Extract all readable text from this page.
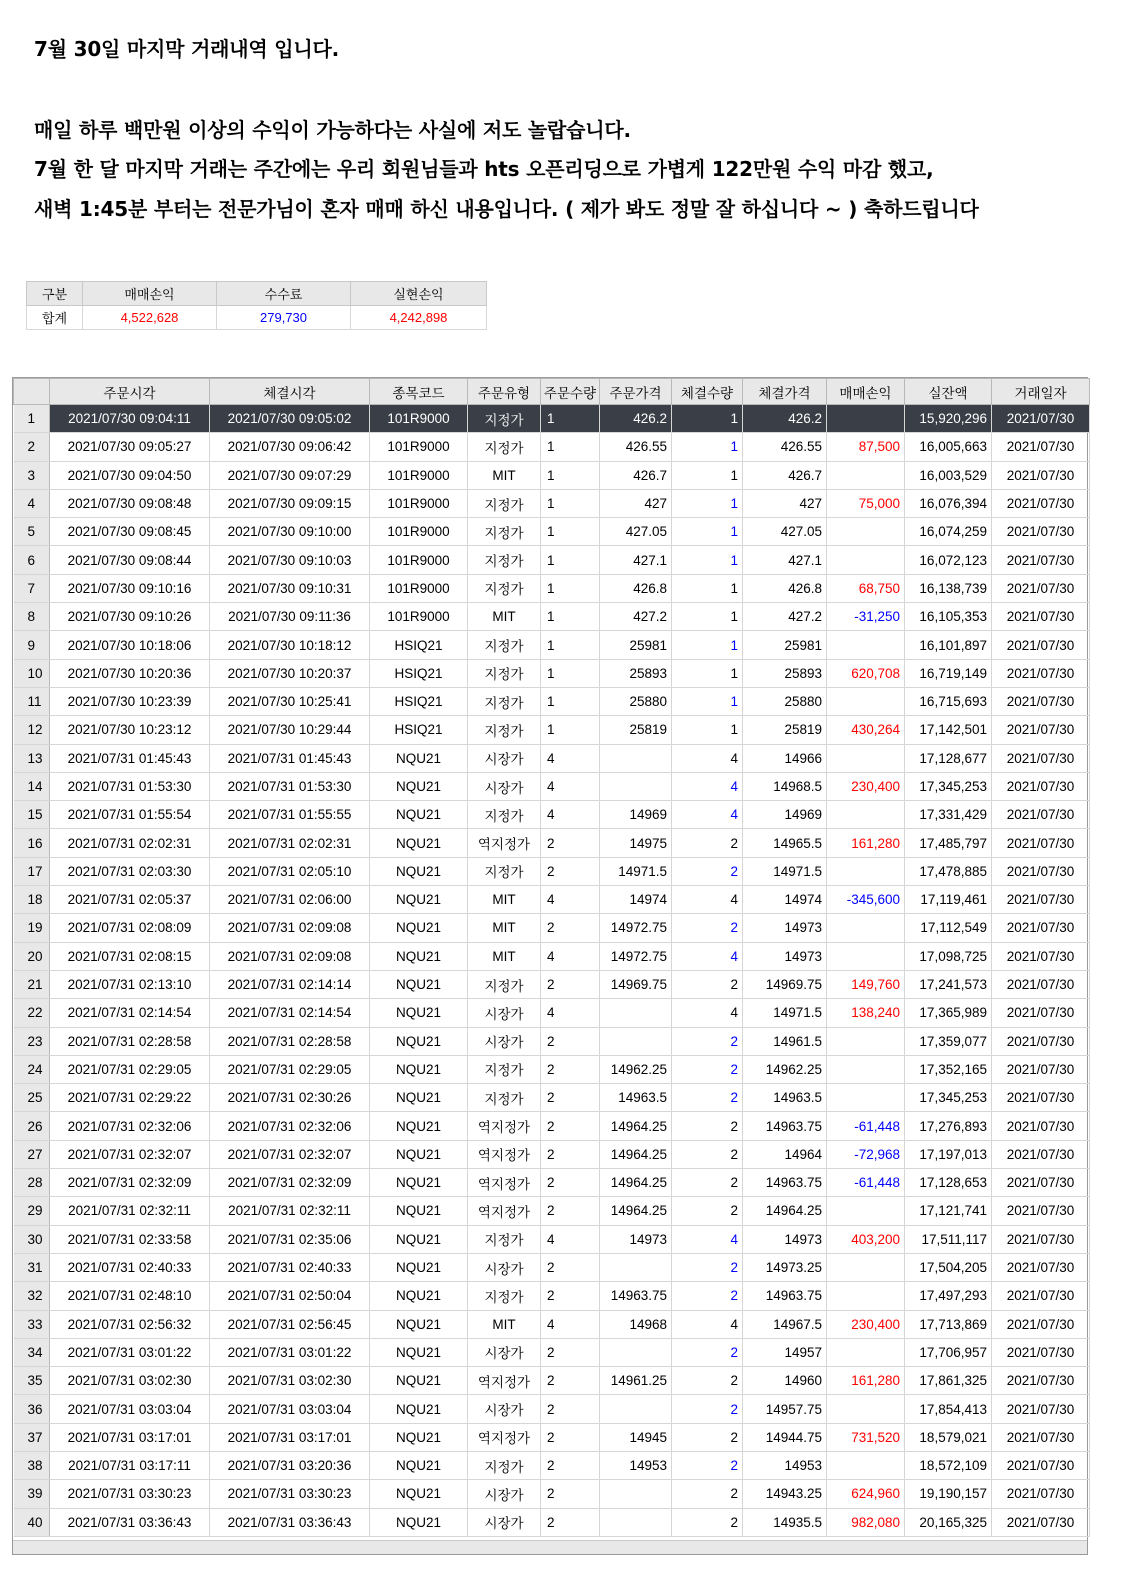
7월 30일 마지막 거래내역 입니다.
매일 하루 백만원 이상의 수익이 가능하다는 사실에 저도 놀랍습니다.
7월 한 달 마지막 거래는 주간에는 우리 회원님들과 hts 오픈리딩으로 가볍게 122만원 수익 마감 했고,
새벽 1:45분 부터는 전문가님이 혼자 매매 하신 내용입니다. ( 제가 봐도 정말 잘 하십니다 ~ ) 축하드립니다
구분	매매손익	수수료	실현손익
합계	4,522,628	279,730	4,242,898
	주문시각	체결시각	종목코드	주문유형	주문수량	주문가격	체결수량	체결가격	매매손익	실잔액	거래일자
1	2021/07/30 09:04:11	2021/07/30 09:05:02	101R9000	지정가	1	426.2	1	426.2		15,920,296	2021/07/30
2	2021/07/30 09:05:27	2021/07/30 09:06:42	101R9000	지정가	1	426.55	1	426.55	87,500	16,005,663	2021/07/30
3	2021/07/30 09:04:50	2021/07/30 09:07:29	101R9000	MIT	1	426.7	1	426.7		16,003,529	2021/07/30
4	2021/07/30 09:08:48	2021/07/30 09:09:15	101R9000	지정가	1	427	1	427	75,000	16,076,394	2021/07/30
5	2021/07/30 09:08:45	2021/07/30 09:10:00	101R9000	지정가	1	427.05	1	427.05		16,074,259	2021/07/30
6	2021/07/30 09:08:44	2021/07/30 09:10:03	101R9000	지정가	1	427.1	1	427.1		16,072,123	2021/07/30
7	2021/07/30 09:10:16	2021/07/30 09:10:31	101R9000	지정가	1	426.8	1	426.8	68,750	16,138,739	2021/07/30
8	2021/07/30 09:10:26	2021/07/30 09:11:36	101R9000	MIT	1	427.2	1	427.2	-31,250	16,105,353	2021/07/30
9	2021/07/30 10:18:06	2021/07/30 10:18:12	HSIQ21	지정가	1	25981	1	25981		16,101,897	2021/07/30
10	2021/07/30 10:20:36	2021/07/30 10:20:37	HSIQ21	지정가	1	25893	1	25893	620,708	16,719,149	2021/07/30
11	2021/07/30 10:23:39	2021/07/30 10:25:41	HSIQ21	지정가	1	25880	1	25880		16,715,693	2021/07/30
12	2021/07/30 10:23:12	2021/07/30 10:29:44	HSIQ21	지정가	1	25819	1	25819	430,264	17,142,501	2021/07/30
13	2021/07/31 01:45:43	2021/07/31 01:45:43	NQU21	시장가	4		4	14966		17,128,677	2021/07/30
14	2021/07/31 01:53:30	2021/07/31 01:53:30	NQU21	시장가	4		4	14968.5	230,400	17,345,253	2021/07/30
15	2021/07/31 01:55:54	2021/07/31 01:55:55	NQU21	지정가	4	14969	4	14969		17,331,429	2021/07/30
16	2021/07/31 02:02:31	2021/07/31 02:02:31	NQU21	역지정가	2	14975	2	14965.5	161,280	17,485,797	2021/07/30
17	2021/07/31 02:03:30	2021/07/31 02:05:10	NQU21	지정가	2	14971.5	2	14971.5		17,478,885	2021/07/30
18	2021/07/31 02:05:37	2021/07/31 02:06:00	NQU21	MIT	4	14974	4	14974	-345,600	17,119,461	2021/07/30
19	2021/07/31 02:08:09	2021/07/31 02:09:08	NQU21	MIT	2	14972.75	2	14973		17,112,549	2021/07/30
20	2021/07/31 02:08:15	2021/07/31 02:09:08	NQU21	MIT	4	14972.75	4	14973		17,098,725	2021/07/30
21	2021/07/31 02:13:10	2021/07/31 02:14:14	NQU21	지정가	2	14969.75	2	14969.75	149,760	17,241,573	2021/07/30
22	2021/07/31 02:14:54	2021/07/31 02:14:54	NQU21	시장가	4		4	14971.5	138,240	17,365,989	2021/07/30
23	2021/07/31 02:28:58	2021/07/31 02:28:58	NQU21	시장가	2		2	14961.5		17,359,077	2021/07/30
24	2021/07/31 02:29:05	2021/07/31 02:29:05	NQU21	지정가	2	14962.25	2	14962.25		17,352,165	2021/07/30
25	2021/07/31 02:29:22	2021/07/31 02:30:26	NQU21	지정가	2	14963.5	2	14963.5		17,345,253	2021/07/30
26	2021/07/31 02:32:06	2021/07/31 02:32:06	NQU21	역지정가	2	14964.25	2	14963.75	-61,448	17,276,893	2021/07/30
27	2021/07/31 02:32:07	2021/07/31 02:32:07	NQU21	역지정가	2	14964.25	2	14964	-72,968	17,197,013	2021/07/30
28	2021/07/31 02:32:09	2021/07/31 02:32:09	NQU21	역지정가	2	14964.25	2	14963.75	-61,448	17,128,653	2021/07/30
29	2021/07/31 02:32:11	2021/07/31 02:32:11	NQU21	역지정가	2	14964.25	2	14964.25		17,121,741	2021/07/30
30	2021/07/31 02:33:58	2021/07/31 02:35:06	NQU21	지정가	4	14973	4	14973	403,200	17,511,117	2021/07/30
31	2021/07/31 02:40:33	2021/07/31 02:40:33	NQU21	시장가	2		2	14973.25		17,504,205	2021/07/30
32	2021/07/31 02:48:10	2021/07/31 02:50:04	NQU21	지정가	2	14963.75	2	14963.75		17,497,293	2021/07/30
33	2021/07/31 02:56:32	2021/07/31 02:56:45	NQU21	MIT	4	14968	4	14967.5	230,400	17,713,869	2021/07/30
34	2021/07/31 03:01:22	2021/07/31 03:01:22	NQU21	시장가	2		2	14957		17,706,957	2021/07/30
35	2021/07/31 03:02:30	2021/07/31 03:02:30	NQU21	역지정가	2	14961.25	2	14960	161,280	17,861,325	2021/07/30
36	2021/07/31 03:03:04	2021/07/31 03:03:04	NQU21	시장가	2		2	14957.75		17,854,413	2021/07/30
37	2021/07/31 03:17:01	2021/07/31 03:17:01	NQU21	역지정가	2	14945	2	14944.75	731,520	18,579,021	2021/07/30
38	2021/07/31 03:17:11	2021/07/31 03:20:36	NQU21	지정가	2	14953	2	14953		18,572,109	2021/07/30
39	2021/07/31 03:30:23	2021/07/31 03:30:23	NQU21	시장가	2		2	14943.25	624,960	19,190,157	2021/07/30
40	2021/07/31 03:36:43	2021/07/31 03:36:43	NQU21	시장가	2		2	14935.5	982,080	20,165,325	2021/07/30
